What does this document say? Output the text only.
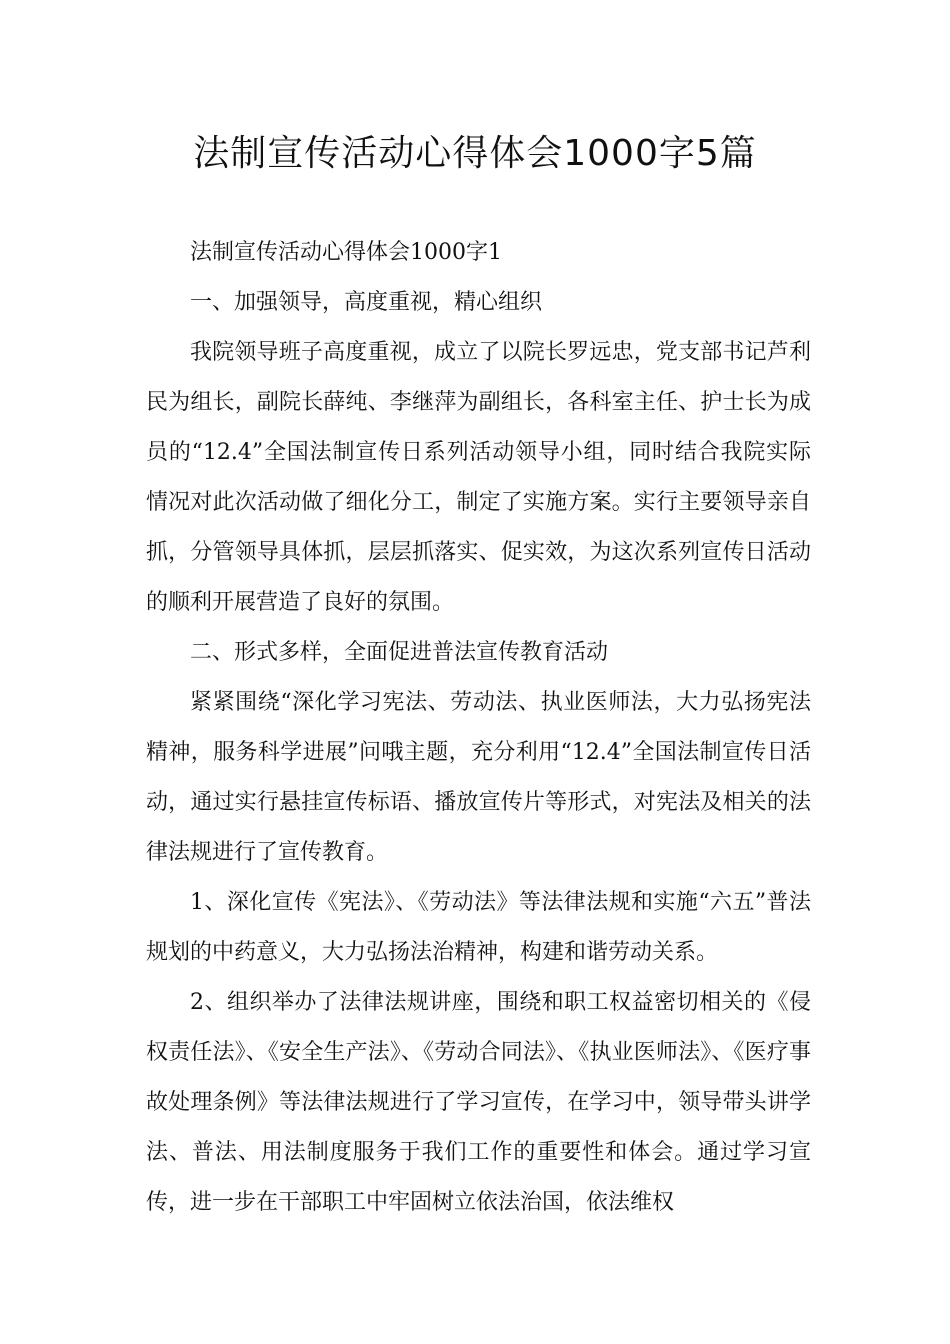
法制宣传活动心得体会1000字5篇

法制宣传活动心得体会1000字1

一、加强领导，高度重视，精心组织

我院领导班子高度重视，成立了以院长罗远忠，党支部书记芦利民为组长，副院长薛纯、李继萍为副组长，各科室主任、护士长为成员的“12.4”全国法制宣传日系列活动领导小组，同时结合我院实际情况对此次活动做了细化分工，制定了实施方案。实行主要领导亲自抓，分管领导具体抓，层层抓落实、促实效，为这次系列宣传日活动的顺利开展营造了良好的氛围。

二、形式多样，全面促进普法宣传教育活动

紧紧围绕“深化学习宪法、劳动法、执业医师法，大力弘扬宪法精神，服务科学进展”问哦主题，充分利用“12.4”全国法制宣传日活动，通过实行悬挂宣传标语、播放宣传片等形式，对宪法及相关的法律法规进行了宣传教育。

1、深化宣传《宪法》、《劳动法》等法律法规和实施“六五”普法规划的中药意义，大力弘扬法治精神，构建和谐劳动关系。

2、组织举办了法律法规讲座，围绕和职工权益密切相关的《侵权责任法》、《安全生产法》、《劳动合同法》、《执业医师法》、《医疗事故处理条例》等法律法规进行了学习宣传，在学习中，领导带头讲学法、普法、用法制度服务于我们工作的重要性和体会。通过学习宣传，进一步在干部职工中牢固树立依法治国，依法维权
